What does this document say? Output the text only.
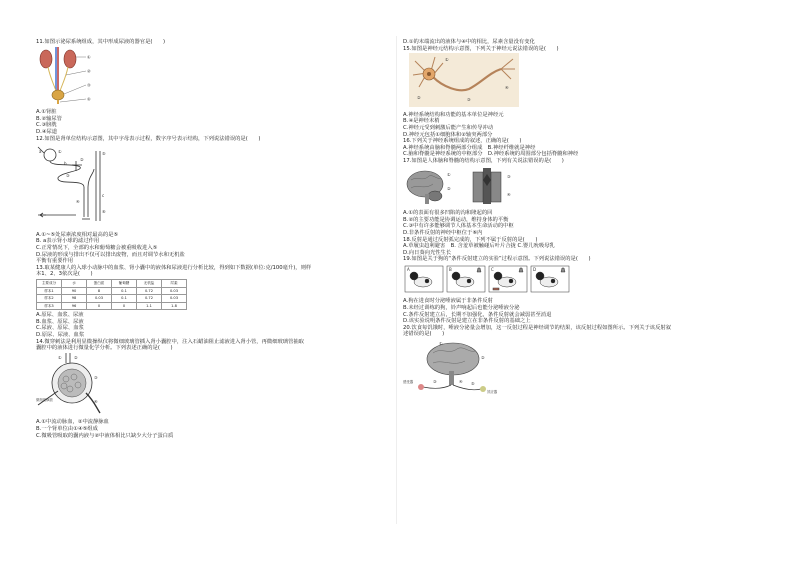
11.如图示泌尿系统组成，其中形成尿液的器官是(　　)

①
②
③
④

A.①肾脏

B.②输尿管

C.③膀胱

D.④尿道

12.如图是肾单位结构示意图，其中字母表示过程，数字序号表示结构，下列说法错误的是(　　)

a
b
c
①
②
③
④
⑤
⑥

A.①~⑤处尿素浓度相对最高的是⑤

B. a表示肾小球的滤过作用

C.正常情况下，全部的水和葡萄糖会被重吸收进入⑤

D.尿液的形成与排出不仅可以排出废物，而且对调节水和无机盐

平衡有重要作用

13.取某健康人的入球小动脉中的血浆、肾小囊中的液体和尿液进行分析比较，得到如下数据(单位:克/100毫升)，则样

本1、2、3依次是(　　)

主要成分	水	蛋白质	葡萄糖	无机盐	尿素
样本1	90	8	0.1	0.72	0.03
样本2	98	0.03	0.1	0.72	0.03
样本3	96	0	0	1.1	1.8

A.原尿、血浆、尿液

B.血浆、原尿、尿液

C.尿液、原尿、血浆

D.原尿、尿液、血浆

14.微穿刺法是利用显微操纵仪将微细玻璃管插入肾小囊腔中，注入石蜡油阻止滤液进入肾小管，再微细玻璃管抽取

囊腔中的液体进行微量化学分析。下列表述正确的是(　　)

①	②
③
④
微细玻璃管

A.①中流动脉血，②中流静脉血

B.一个肾单位由①④⑤组成

C.微吸管吸取的囊内液与②中液体相比只缺少大分子蛋白质

D.①的末端流出的液体与④中的相比，尿素含量没有变化

15.如图是神经元结构示意图，下列关于神经元说法错误的是(　　)

①
②	③
④

A.神经系统结构和功能的基本单位是神经元

B.④是神经末梢

C.神经元受到刺激后能产生和传导冲动

D.神经元包括①细胞体和②轴突两部分

16.下列关于神经系统组成的叙述，正确的是(　　)

A.神经系统由脑和脊髓两部分组成　B.神经纤维就是神经

C.脑和脊髓是神经系统的中枢部分　D.神经系统的周围部分包括脊髓和神经

17.如图是人体脑和脊髓的结构示意图，下列有关说法错误的是(　　)

①
②
③
④

A.①的表面有很多凹陷的沟和隆起的回

B.②的主要功能是协调运动，维持身体的平衡

C.③中有许多能够调节人体基本生命活动的中枢

D.非条件反射的神经中枢位于⑥内

18.反射是通过反射弧完成的，下列不属于反射的是(　　)

A.草履虫趋利避害　B. 含羞草被触碰后叶片合拢 C.婴儿吮吸母乳

D.向日葵向光性生长

19.如图是关于狗的“条件反射建立的实验”过程示意图。下列说法错误的是(　　)

A	B	C	D

A.狗在进食时分泌唾液属于非条件反射

B.未经过训练的狗，铃声响起后也能分泌唾液分泌

C.条件反射建立后，长期不加强化，条件反射就会减弱甚至消退

D.该实验说明条件反射是建立在非条件反射的基础之上

20.饮食每饥饿时，唾液分泌量会增加，这一反射过程是神经调节的结果，该反射过程如图所示。下列关于该反射叙

述错误的是(　　)

①
②
③	④ ⑤
感受器
效应器
